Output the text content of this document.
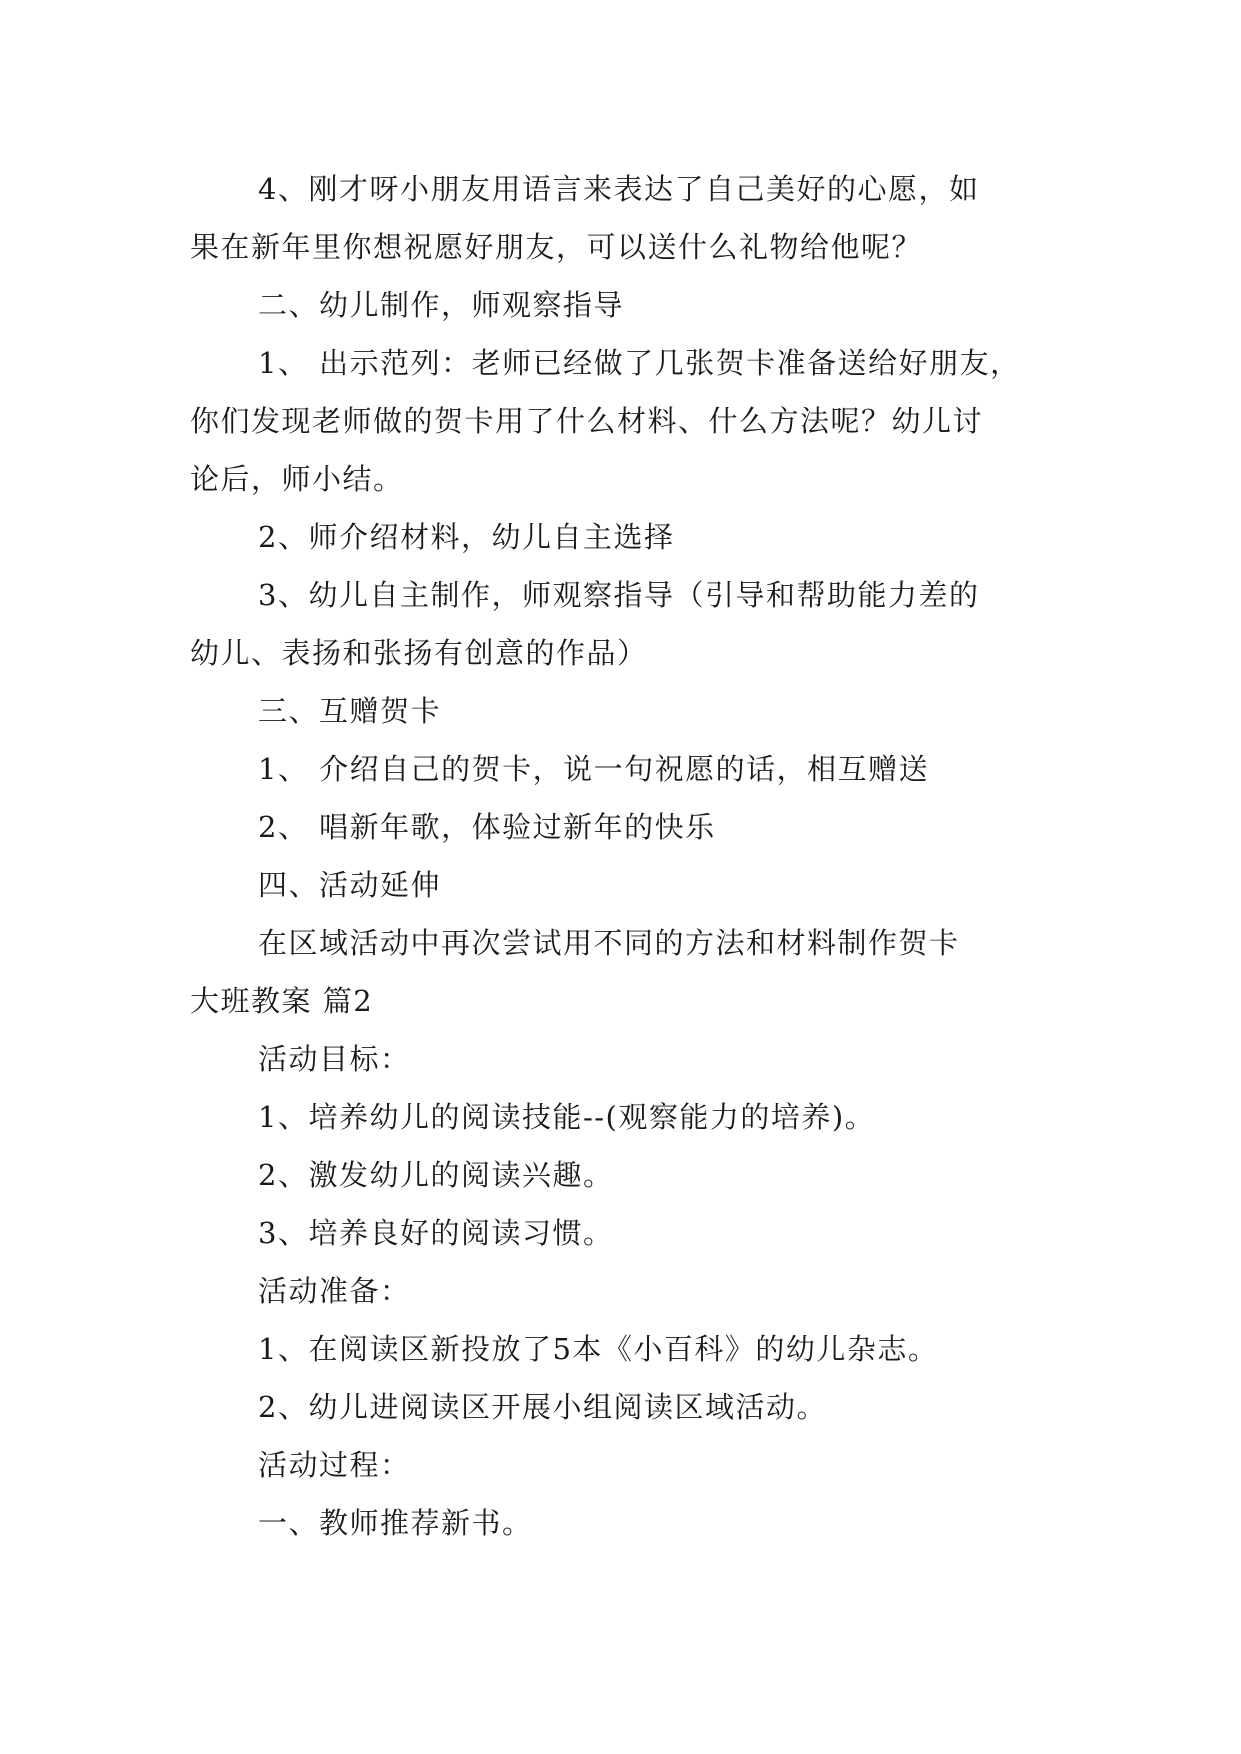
4、刚才呀小朋友用语言来表达了自己美好的心愿，如
果在新年里你想祝愿好朋友，可以送什么礼物给他呢？
二、幼儿制作，师观察指导
1、 出示范列：老师已经做了几张贺卡准备送给好朋友，
你们发现老师做的贺卡用了什么材料、什么方法呢？幼儿讨
论后，师小结。
2、师介绍材料，幼儿自主选择
3、幼儿自主制作，师观察指导（引导和帮助能力差的
幼儿、表扬和张扬有创意的作品）
三、互赠贺卡
1、 介绍自己的贺卡，说一句祝愿的话，相互赠送
2、 唱新年歌，体验过新年的快乐
四、活动延伸
在区域活动中再次尝试用不同的方法和材料制作贺卡
大班教案 篇2
活动目标：
1、培养幼儿的阅读技能--(观察能力的培养)。
2、激发幼儿的阅读兴趣。
3、培养良好的阅读习惯。
活动准备：
1、在阅读区新投放了5本《小百科》的幼儿杂志。
2、幼儿进阅读区开展小组阅读区域活动。
活动过程：
一、教师推荐新书。
